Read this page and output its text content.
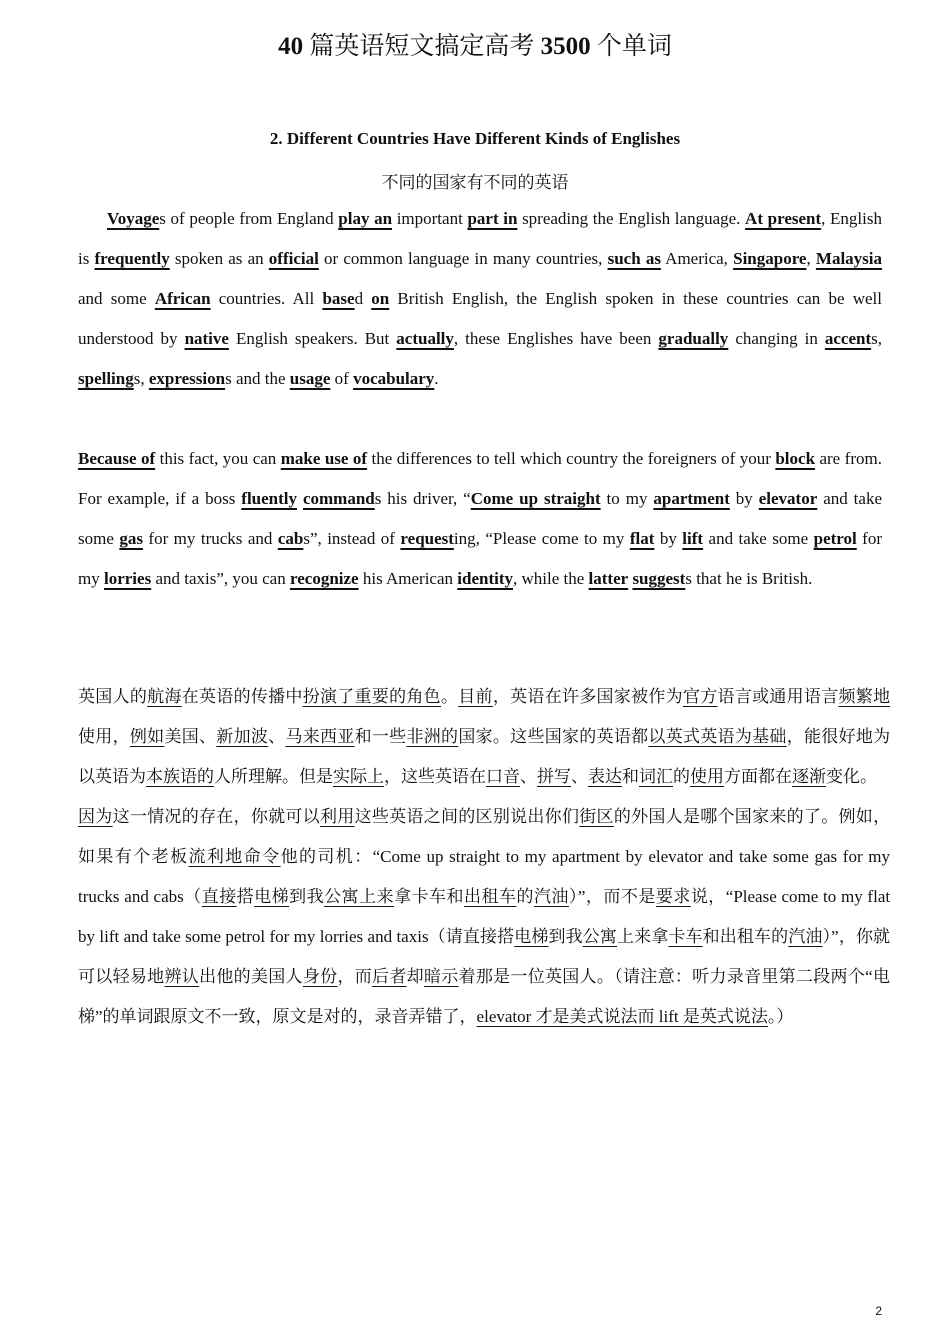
40 篇英语短文搞定高考 3500 个单词
2. Different Countries Have Different Kinds of Englishes
不同的国家有不同的英语

Voyages of people from England play an important part in spreading the English language. At present, English is frequently spoken as an official or common language in many countries, such as America, Singapore, Malaysia and some African countries. All based on British English, the English spoken in these countries can be well understood by native English speakers. But actually, these Englishes have been gradually changing in accents, spellings, expressions and the usage of vocabulary.

Because of this fact, you can make use of the differences to tell which country the foreigners of your block are from. For example, if a boss fluently commands his driver, “Come up straight to my apartment by elevator and take some gas for my trucks and cabs”, instead of requesting, “Please come to my flat by lift and take some petrol for my lorries and taxis”, you can recognize his American identity, while the latter suggests that he is British.

英国人的航海在英语的传播中扮演了重要的角色。目前，英语在许多国家被作为官方语言或通用语言频繁地使用，例如美国、新加波、马来西亚和一些非洲的国家。这些国家的英语都以英式英语为基础，能很好地为以英语为本族语的人所理解。但是实际上，这些英语在口音、拼写、表达和词汇的使用方面都在逐渐变化。

因为这一情况的存在，你就可以利用这些英语之间的区别说出你们街区的外国人是哪个国家来的了。例如，如果有个老板流利地命令他的司机：“Come up straight to my apartment by elevator and take some gas for my trucks and cabs（直接搭电梯到我公寓上来拿卡车和出租车的汽油）”，而不是要求说，“Please come to my flat by lift and take some petrol for my lorries and taxis（请直接搭电梯到我公寓上来拿卡车和出租车的汽油）”，你就可以轻易地辨认出他的美国人身份，而后者却暗示着那是一位英国人。（请注意：听力录音里第二段两个“电梯”的单词跟原文不一致，原文是对的，录音弄错了，elevator 才是美式说法而 lift 是英式说法。）

2
